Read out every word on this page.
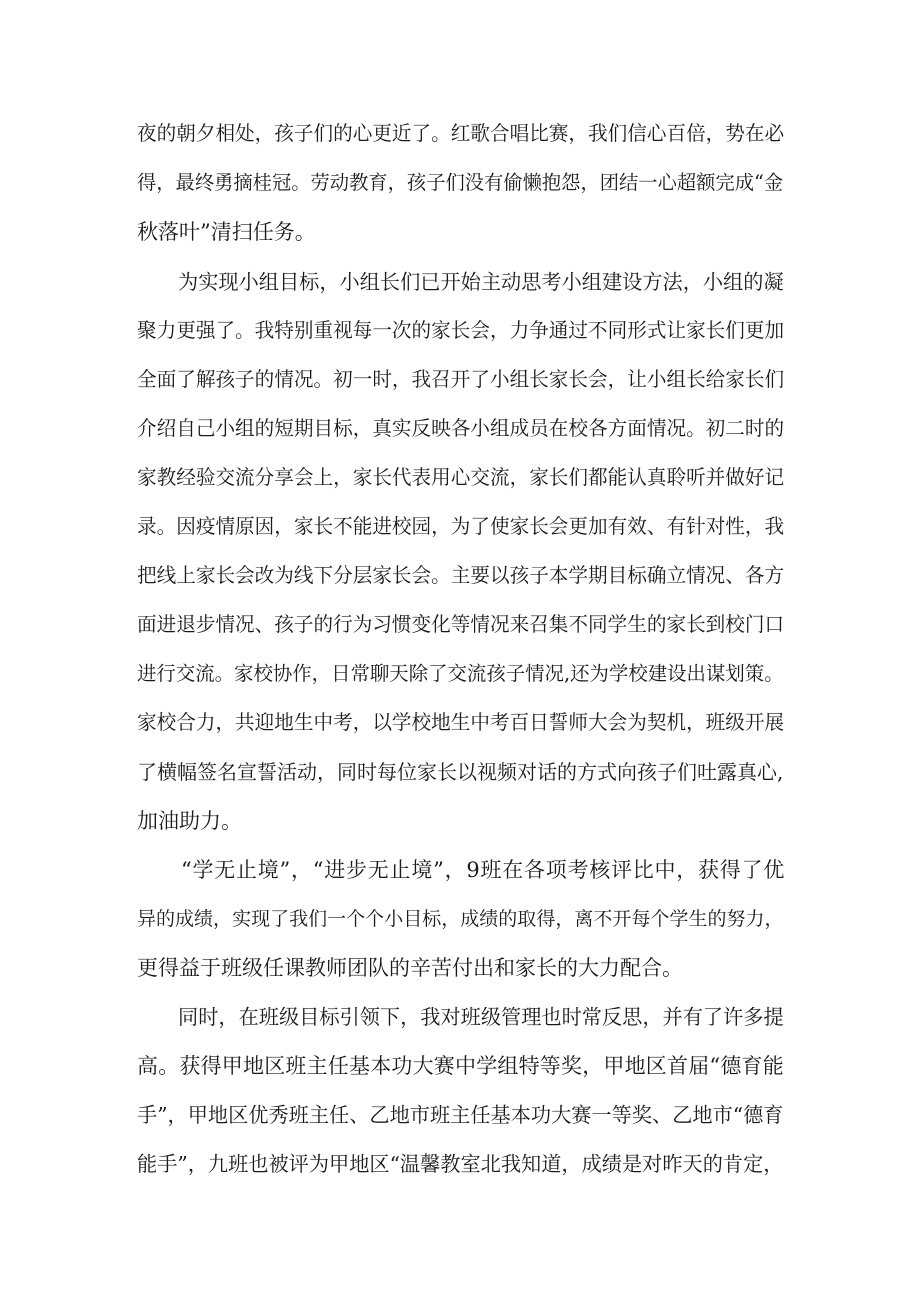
夜的朝夕相处，孩子们的心更近了。红歌合唱比赛，我们信心百倍，势在必
得，最终勇摘桂冠。劳动教育，孩子们没有偷懒抱怨，团结一心超额完成“金
秋落叶”清扫任务。
为实现小组目标，小组长们已开始主动思考小组建设方法，小组的凝
聚力更强了。我特别重视每一次的家长会，力争通过不同形式让家长们更加
全面了解孩子的情况。初一时，我召开了小组长家长会，让小组长给家长们
介绍自己小组的短期目标，真实反映各小组成员在校各方面情况。初二时的
家教经验交流分享会上，家长代表用心交流，家长们都能认真聆听并做好记
录。因疫情原因，家长不能进校园，为了使家长会更加有效、有针对性，我
把线上家长会改为线下分层家长会。主要以孩子本学期目标确立情况、各方
面进退步情况、孩子的行为习惯变化等情况来召集不同学生的家长到校门口
进行交流。家校协作，日常聊天除了交流孩子情况,还为学校建设出谋划策。
家校合力，共迎地生中考，以学校地生中考百日誓师大会为契机，班级开展
了横幅签名宣誓活动，同时每位家长以视频对话的方式向孩子们吐露真心,
加油助力。
“学无止境”，“进步无止境”，9班在各项考核评比中，获得了优
异的成绩，实现了我们一个个小目标，成绩的取得，离不开每个学生的努力，
更得益于班级任课教师团队的辛苦付出和家长的大力配合。
同时，在班级目标引领下，我对班级管理也时常反思，并有了许多提
高。获得甲地区班主任基本功大赛中学组特等奖，甲地区首届“德育能
手”，甲地区优秀班主任、乙地市班主任基本功大赛一等奖、乙地市“德育
能手”，九班也被评为甲地区“温馨教室北我知道，成绩是对昨天的肯定，
